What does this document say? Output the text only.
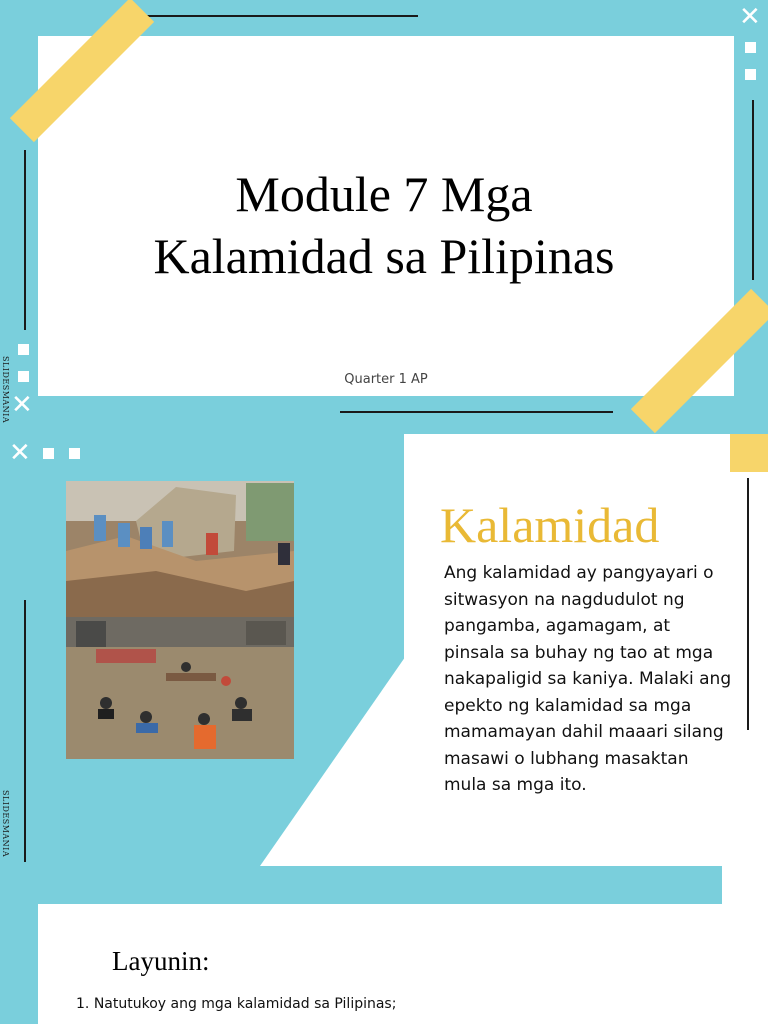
✕
✕
SLIDESMANIA
Module 7 Mga
Kalamidad sa Pilipinas
Quarter 1 AP
✕
SLIDESMANIA
Kalamidad
Ang kalamidad ay pangyayari o sitwasyon na nagdudulot ng pangamba, agamagam, at pinsala sa buhay ng tao at mga nakapaligid sa kaniya. Malaki ang epekto ng kalamidad sa mga mamamayan dahil maaari silang masawi o lubhang masaktan mula sa mga ito.
Layunin:
1. Natutukoy ang mga kalamidad sa Pilipinas;
